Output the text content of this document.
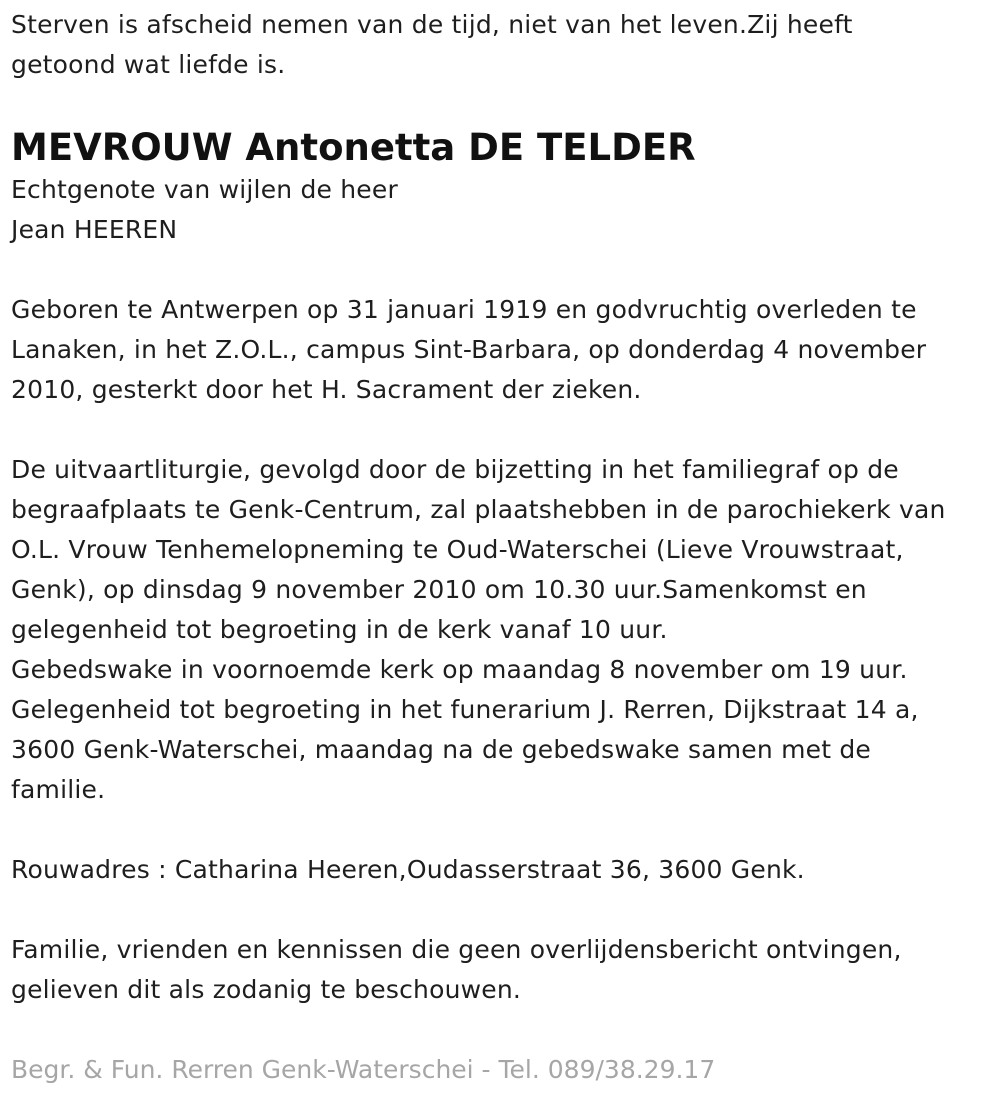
Sterven is afscheid nemen van de tijd, niet van het leven.Zij heeft
getoond wat liefde is.
MEVROUW Antonetta DE TELDER
Echtgenote van wijlen de heer
Jean HEEREN
Geboren te Antwerpen op 31 januari 1919 en godvruchtig overleden te
Lanaken, in het Z.O.L., campus Sint-Barbara, op donderdag 4 november
2010, gesterkt door het H. Sacrament der zieken.
De uitvaartliturgie, gevolgd door de bijzetting in het familiegraf op de
begraafplaats te Genk-Centrum, zal plaatshebben in de parochiekerk van
O.L. Vrouw Tenhemelopneming te Oud-Waterschei (Lieve Vrouwstraat,
Genk), op dinsdag 9 november 2010 om 10.30 uur.Samenkomst en
gelegenheid tot begroeting in de kerk vanaf 10 uur.
Gebedswake in voornoemde kerk op maandag 8 november om 19 uur.
Gelegenheid tot begroeting in het funerarium J. Rerren, Dijkstraat 14 a,
3600 Genk-Waterschei, maandag na de gebedswake samen met de
familie.
Rouwadres : Catharina Heeren,Oudasserstraat 36, 3600 Genk.
Familie, vrienden en kennissen die geen overlijdensbericht ontvingen,
gelieven dit als zodanig te beschouwen.
Begr. & Fun. Rerren Genk-Waterschei - Tel. 089/38.29.17
